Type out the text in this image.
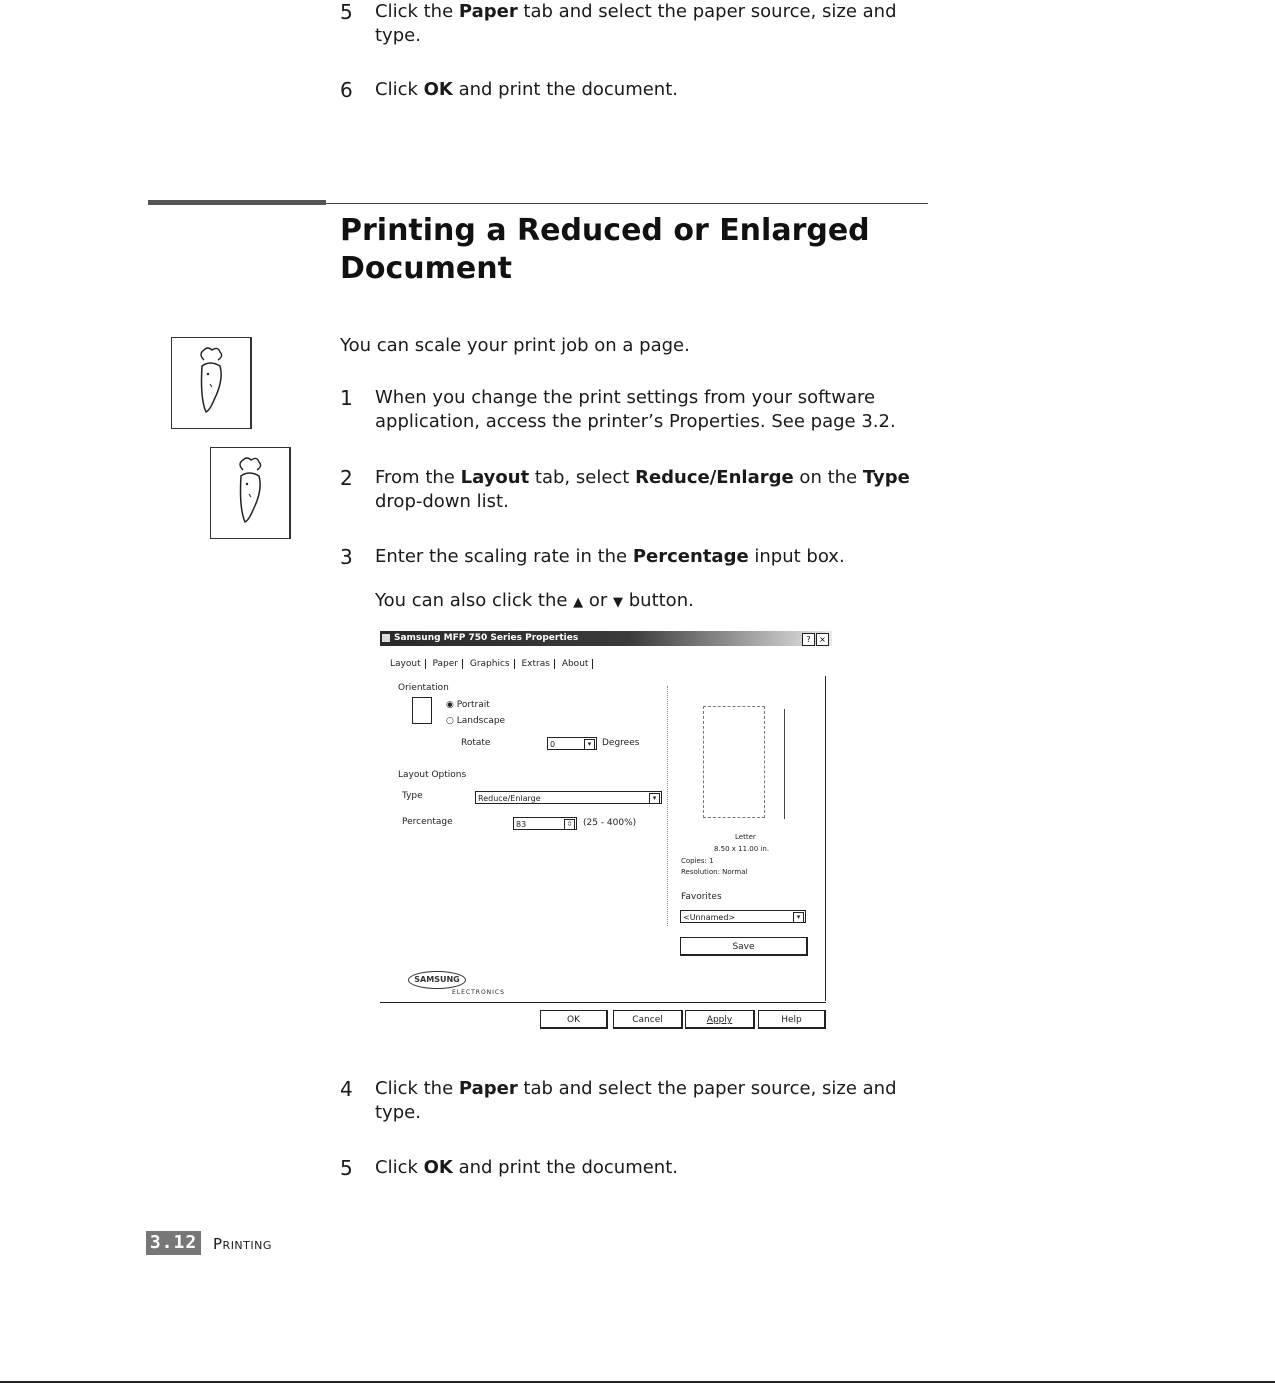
5 Click the Paper tab and select the paper source, size and type.
6 Click OK and print the document.
Printing a Reduced or Enlarged Document
You can scale your print job on a page.
1 When you change the print settings from your software application, access the printer’s Properties. See page 3.2.
2 From the Layout tab, select Reduce/Enlarge on the Type drop-down list.
3 Enter the scaling rate in the Percentage input box.
You can also click the ▲ or ▼ button.
Samsung MFP 750 Series Properties	?	×
Layout Paper Graphics Extras About
Orientation
◉ Portrait
○ Landscape
Rotate	0	▾	Degrees
Layout Options
Type	Reduce/Enlarge	▾
Percentage	83	⇳ (25 - 400%)
Letter
8.50 x 11.00 in.
Copies: 1
Resolution: Normal
Favorites
<Unnamed>	▾
Save
SAMSUNG
ELECTRONICS
OK	Cancel	Apply	Help
4 Click the Paper tab and select the paper source, size and type.
5 Click OK and print the document.
3.12 Printing
